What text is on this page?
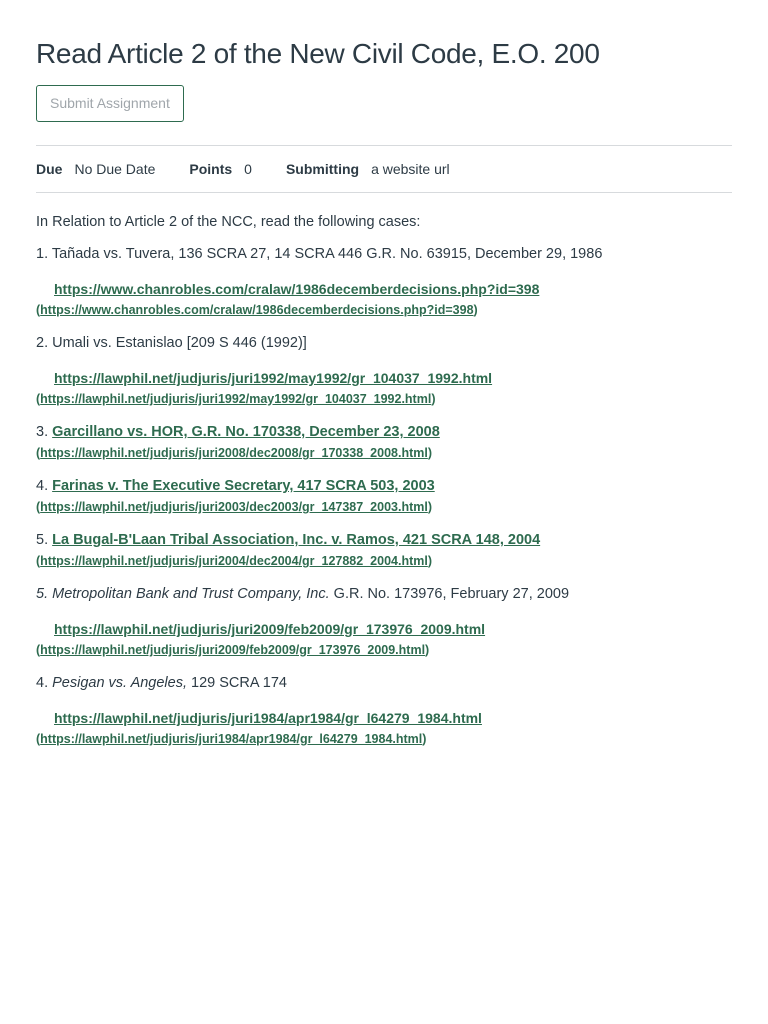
Read Article 2 of the New Civil Code, E.O. 200
Submit Assignment
Due No Due Date Points 0 Submitting a website url

In Relation to Article 2 of the NCC, read the following cases:

1. Tañada vs. Tuvera, 136 SCRA 27, 14 SCRA 446 G.R. No. 63915, December 29, 1986

https://www.chanrobles.com/cralaw/1986decemberdecisions.php?id=398
(https://www.chanrobles.com/cralaw/1986decemberdecisions.php?id=398)

2. Umali vs. Estanislao [209 S 446 (1992)]

https://lawphil.net/judjuris/juri1992/may1992/gr_104037_1992.html
(https://lawphil.net/judjuris/juri1992/may1992/gr_104037_1992.html)

3. Garcillano vs. HOR, G.R. No. 170338, December 23, 2008

(https://lawphil.net/judjuris/juri2008/dec2008/gr_170338_2008.html)

4. Farinas v. The Executive Secretary, 417 SCRA 503, 2003

(https://lawphil.net/judjuris/juri2003/dec2003/gr_147387_2003.html)

5. La Bugal-B'Laan Tribal Association, Inc. v. Ramos, 421 SCRA 148, 2004

(https://lawphil.net/judjuris/juri2004/dec2004/gr_127882_2004.html)

5. Metropolitan Bank and Trust Company, Inc. G.R. No. 173976, February 27, 2009

https://lawphil.net/judjuris/juri2009/feb2009/gr_173976_2009.html
(https://lawphil.net/judjuris/juri2009/feb2009/gr_173976_2009.html)

4. Pesigan vs. Angeles, 129 SCRA 174

https://lawphil.net/judjuris/juri1984/apr1984/gr_l64279_1984.html
(https://lawphil.net/judjuris/juri1984/apr1984/gr_l64279_1984.html)
